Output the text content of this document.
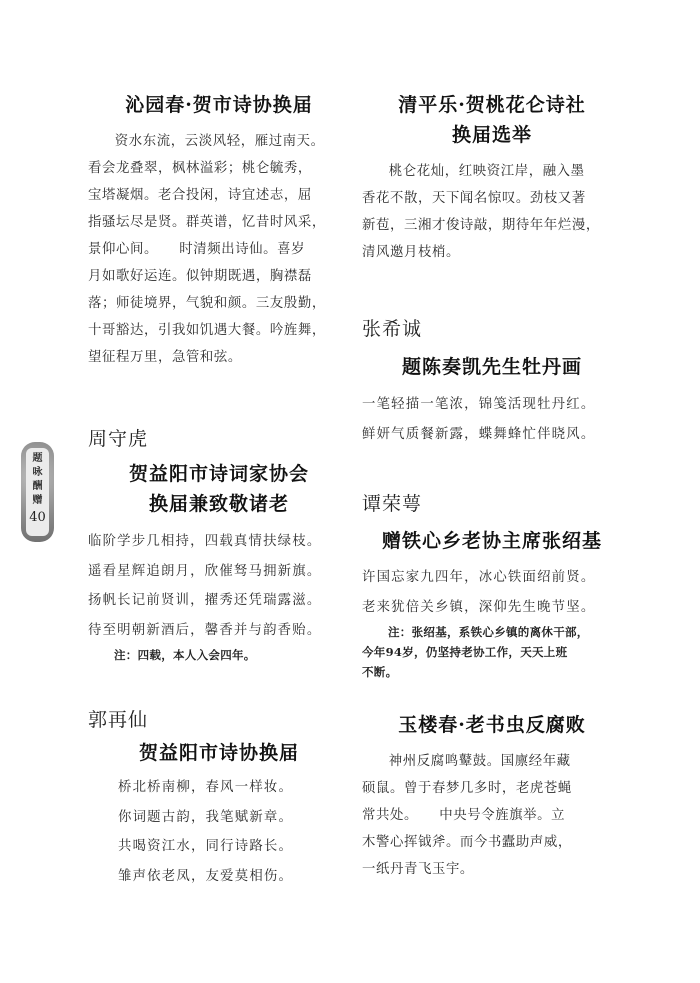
沁园春·贺市诗协换届
资水东流，云淡风轻，雁过南天。
看会龙叠翠，枫林溢彩；桃仑毓秀，
宝塔凝烟。老合投闲，诗宜述志，屈
指骚坛尽是贤。群英谱，忆昔时风采，
景仰心间。　　时清频出诗仙。喜岁
月如歌好运连。似钟期既遇，胸襟磊
落；师徒境界，气貌和颜。三友殷勤，
十哥豁达，引我如饥遇大餐。吟旌舞，
望征程万里，急管和弦。
周守虎
贺益阳市诗词家协会
换届兼致敬诸老
临阶学步几相持，四载真情扶绿枝。
遥看星辉追朗月，欣催驽马拥新旗。
扬帆长记前贤训，擢秀还凭瑞露滋。
待至明朝新酒后，馨香并与韵香贻。
注：四载，本人入会四年。
郭再仙
贺益阳市诗协换届
桥北桥南柳，春风一样妆。
你词题古韵，我笔赋新章。
共喝资江水，同行诗路长。
雏声依老凤，友爱莫相伤。
清平乐·贺桃花仑诗社
换届选举
桃仑花灿，红映资江岸，融入墨
香花不散，天下闻名惊叹。劲枝又著
新苞，三湘才俊诗敲，期待年年烂漫，
清风邀月枝梢。
张希诚
题陈奏凯先生牡丹画
一笔轻描一笔浓，锦笺活现牡丹红。
鲜妍气质餐新露，蝶舞蜂忙伴晓风。
谭荣萼
赠铁心乡老协主席张绍基
许国忘家九四年，冰心铁面绍前贤。
老来犹倍关乡镇，深仰先生晚节坚。
注：张绍基，系铁心乡镇的离休干部，
今年94岁，仍坚持老协工作，天天上班
不断。
玉楼春·老书虫反腐败
神州反腐鸣鼙鼓。国廪经年藏
硕鼠。曾于春梦几多时，老虎苍蝇
常共处。　　中央号令旌旗举。立
木警心挥钺斧。而今书蠹助声威，
一纸丹青飞玉宇。
题
咏
酬
赠
40
